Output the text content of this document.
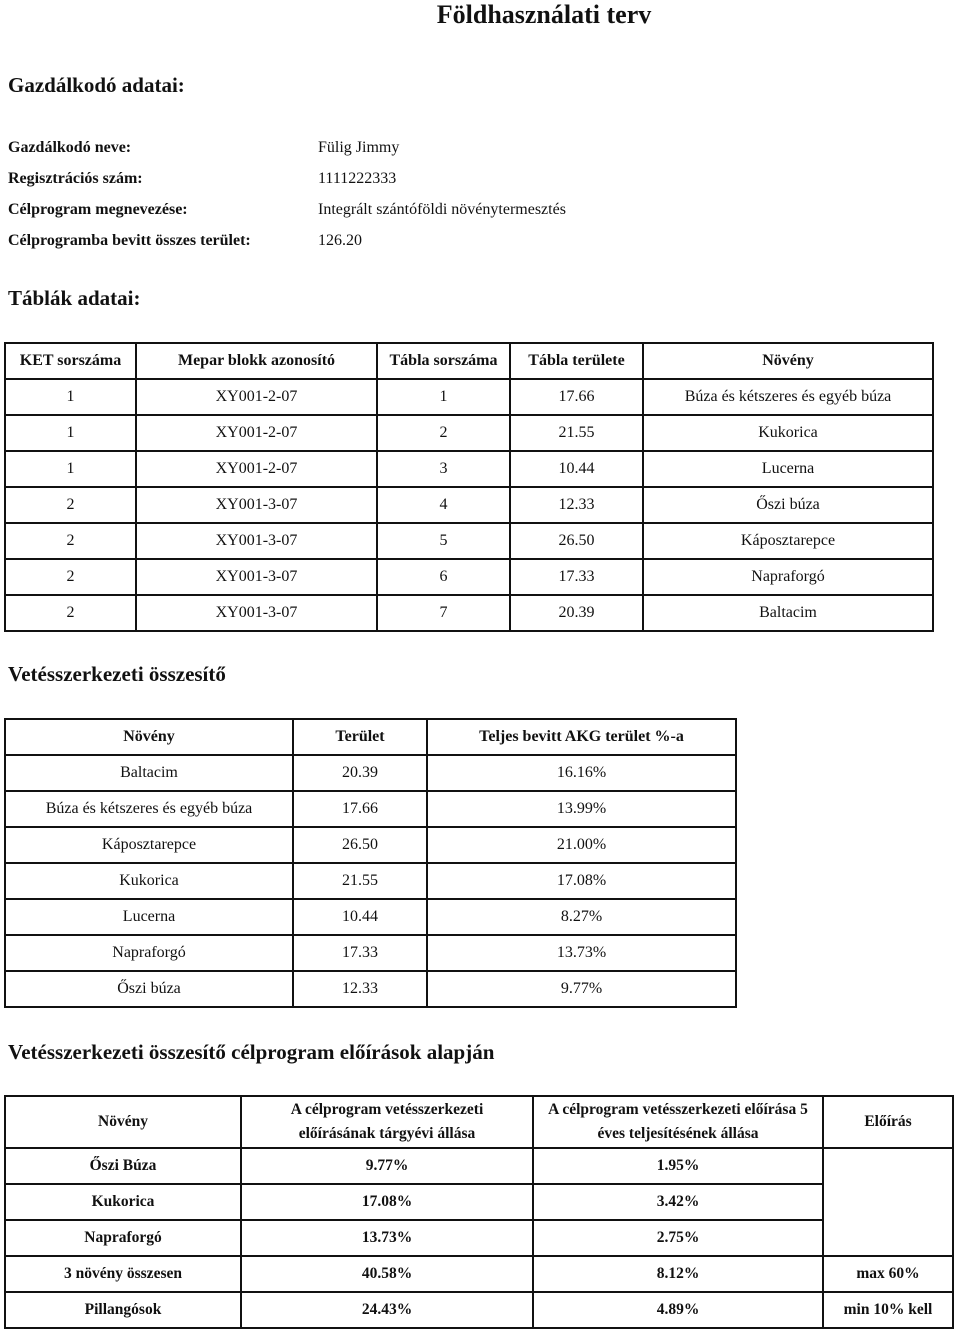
Földhasználati terv
Gazdálkodó adatai:
Gazdálkodó neve:	Fülig Jimmy
Regisztrációs szám:	1111222333
Célprogram megnevezése:	Integrált szántóföldi növénytermesztés
Célprogramba bevitt összes terület:	126.20
Táblák adatai:
KET sorszáma	Mepar blokk azonosító	Tábla sorszáma	Tábla területe	Növény
1	XY001-2-07	1	17.66	Búza és kétszeres és egyéb búza
1	XY001-2-07	2	21.55	Kukorica
1	XY001-2-07	3	10.44	Lucerna
2	XY001-3-07	4	12.33	Őszi búza
2	XY001-3-07	5	26.50	Káposztarepce
2	XY001-3-07	6	17.33	Napraforgó
2	XY001-3-07	7	20.39	Baltacim
Vetésszerkezeti összesítő
Növény	Terület	Teljes bevitt AKG terület %-a
Baltacim	20.39	16.16%
Búza és kétszeres és egyéb búza	17.66	13.99%
Káposztarepce	26.50	21.00%
Kukorica	21.55	17.08%
Lucerna	10.44	8.27%
Napraforgó	17.33	13.73%
Őszi búza	12.33	9.77%
Vetésszerkezeti összesítő célprogram előírások alapján
Növény	A célprogram vetésszerkezeti előírásának tárgyévi állása	A célprogram vetésszerkezeti előírása 5 éves teljesítésének állása	Előírás
Őszi Búza	9.77%	1.95%	
Kukorica	17.08%	3.42%	
Napraforgó	13.73%	2.75%	
3 növény összesen	40.58%	8.12%	max 60%
Pillangósok	24.43%	4.89%	min 10% kell
